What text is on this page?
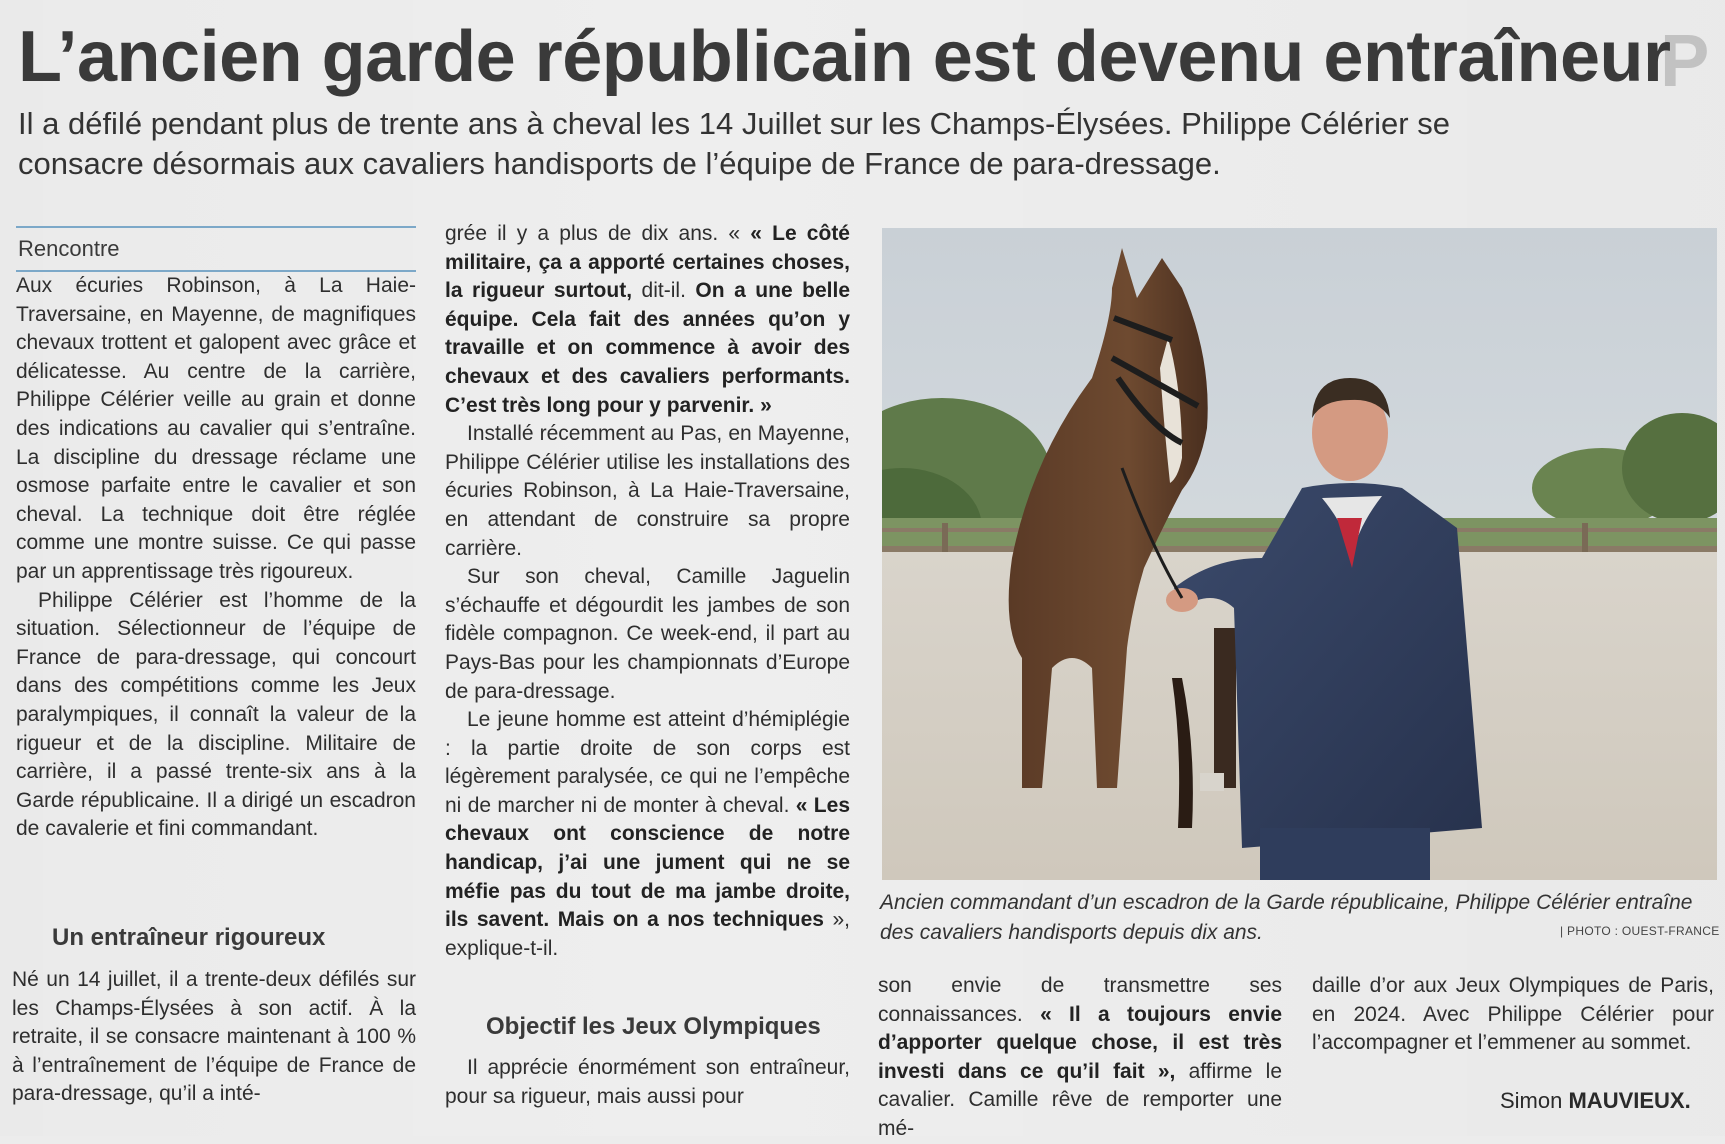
P
L’ancien garde républicain est devenu entraîneur
Il a défilé pendant plus de trente ans à cheval les 14 Juillet sur les Champs-Élysées. Philippe Célérier se consacre désormais aux cavaliers handisports de l’équipe de France de para-dressage.
Rencontre

Aux écuries Robinson, à La Haie-Traversaine, en Mayenne, de magnifiques chevaux trottent et galopent avec grâce et délicatesse. Au centre de la carrière, Philippe Célérier veille au grain et donne des indications au cavalier qui s’entraîne. La discipline du dressage réclame une osmose parfaite entre le cavalier et son cheval. La technique doit être réglée comme une montre suisse. Ce qui passe par un apprentissage très rigoureux.

Philippe Célérier est l’homme de la situation. Sélectionneur de l’équipe de France de para-dressage, qui concourt dans des compétitions comme les Jeux paralympiques, il connaît la valeur de la rigueur et de la discipline. Militaire de carrière, il a passé trente-six ans à la Garde républicaine. Il a dirigé un escadron de cavalerie et fini commandant.

Un entraîneur rigoureux

Né un 14 juillet, il a trente-deux défilés sur les Champs-Élysées à son actif. À la retraite, il se consacre maintenant à 100 % à l’entraînement de l’équipe de France de para-dressage, qu’il a inté-

grée il y a plus de dix ans. « « Le côté militaire, ça a apporté certaines choses, la rigueur surtout, dit-il. On a une belle équipe. Cela fait des années qu’on y travaille et on commence à avoir des chevaux et des cavaliers performants. C’est très long pour y parvenir. »

Installé récemment au Pas, en Mayenne, Philippe Célérier utilise les installations des écuries Robinson, à La Haie-Traversaine, en attendant de construire sa propre carrière.

Sur son cheval, Camille Jaguelin s’échauffe et dégourdit les jambes de son fidèle compagnon. Ce week-end, il part au Pays-Bas pour les championnats d’Europe de para-dressage.

Le jeune homme est atteint d’hémiplégie : la partie droite de son corps est légèrement paralysée, ce qui ne l’empêche ni de marcher ni de monter à cheval. « Les chevaux ont conscience de notre handicap, j’ai une jument qui ne se méfie pas du tout de ma jambe droite, ils savent. Mais on a nos techniques », explique-t-il.

Objectif les Jeux Olympiques

Il apprécie énormément son entraîneur, pour sa rigueur, mais aussi pour

Ancien commandant d’un escadron de la Garde républicaine, Philippe Célérier entraîne des cavaliers handisports depuis dix ans.	| PHOTO : OUEST-FRANCE

son envie de transmettre ses connaissances. « Il a toujours envie d’apporter quelque chose, il est très investi dans ce qu’il fait », affirme le cavalier. Camille rêve de remporter une mé-

daille d’or aux Jeux Olympiques de Paris, en 2024. Avec Philippe Célérier pour l’accompagner et l’emmener au sommet.

Simon MAUVIEUX.
